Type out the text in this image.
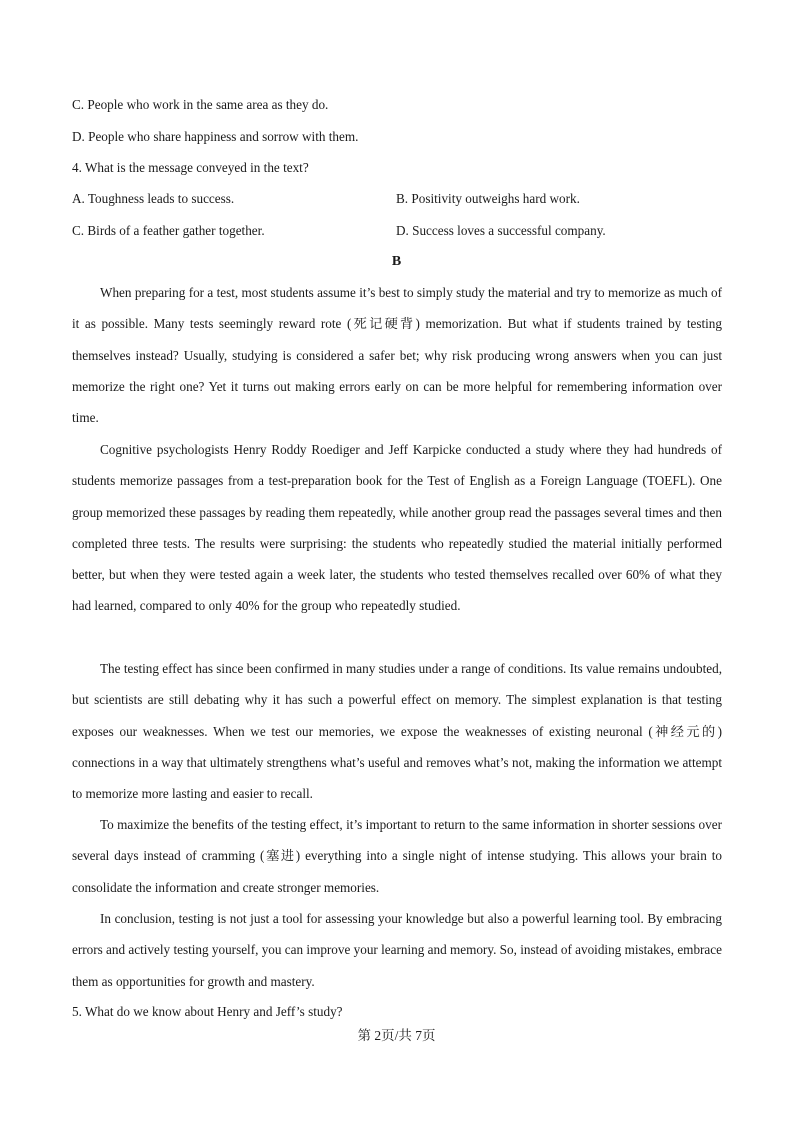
C. People who work in the same area as they do.
D. People who share happiness and sorrow with them.
4. What is the message conveyed in the text?
A. Toughness leads to success.	B. Positivity outweighs hard work.
C. Birds of a feather gather together.	D. Success loves a successful company.
B

When preparing for a test, most students assume it’s best to simply study the material and try to memorize as much of it as possible. Many tests seemingly reward rote (死记硬背) memorization. But what if students trained by testing themselves instead? Usually, studying is considered a safer bet; why risk producing wrong answers when you can just memorize the right one? Yet it turns out making errors early on can be more helpful for remembering information over time.

Cognitive psychologists Henry Roddy Roediger and Jeff Karpicke conducted a study where they had hundreds of students memorize passages from a test-preparation book for the Test of English as a Foreign Language (TOEFL). One group memorized these passages by reading them repeatedly, while another group read the passages several times and then completed three tests. The results were surprising: the students who repeatedly studied the material initially performed better, but when they were tested again a week later, the students who tested themselves recalled over 60% of what they had learned, compared to only 40% for the group who repeatedly studied.

The testing effect has since been confirmed in many studies under a range of conditions. Its value remains undoubted, but scientists are still debating why it has such a powerful effect on memory. The simplest explanation is that testing exposes our weaknesses. When we test our memories, we expose the weaknesses of existing neuronal (神经元的) connections in a way that ultimately strengthens what’s useful and removes what’s not, making the information we attempt to memorize more lasting and easier to recall.

To maximize the benefits of the testing effect, it’s important to return to the same information in shorter sessions over several days instead of cramming (塞进) everything into a single night of intense studying. This allows your brain to consolidate the information and create stronger memories.

In conclusion, testing is not just a tool for assessing your knowledge but also a powerful learning tool. By embracing errors and actively testing yourself, you can improve your learning and memory. So, instead of avoiding mistakes, embrace them as opportunities for growth and mastery.

5. What do we know about Henry and Jeff’s study?
第 2页/共 7页
